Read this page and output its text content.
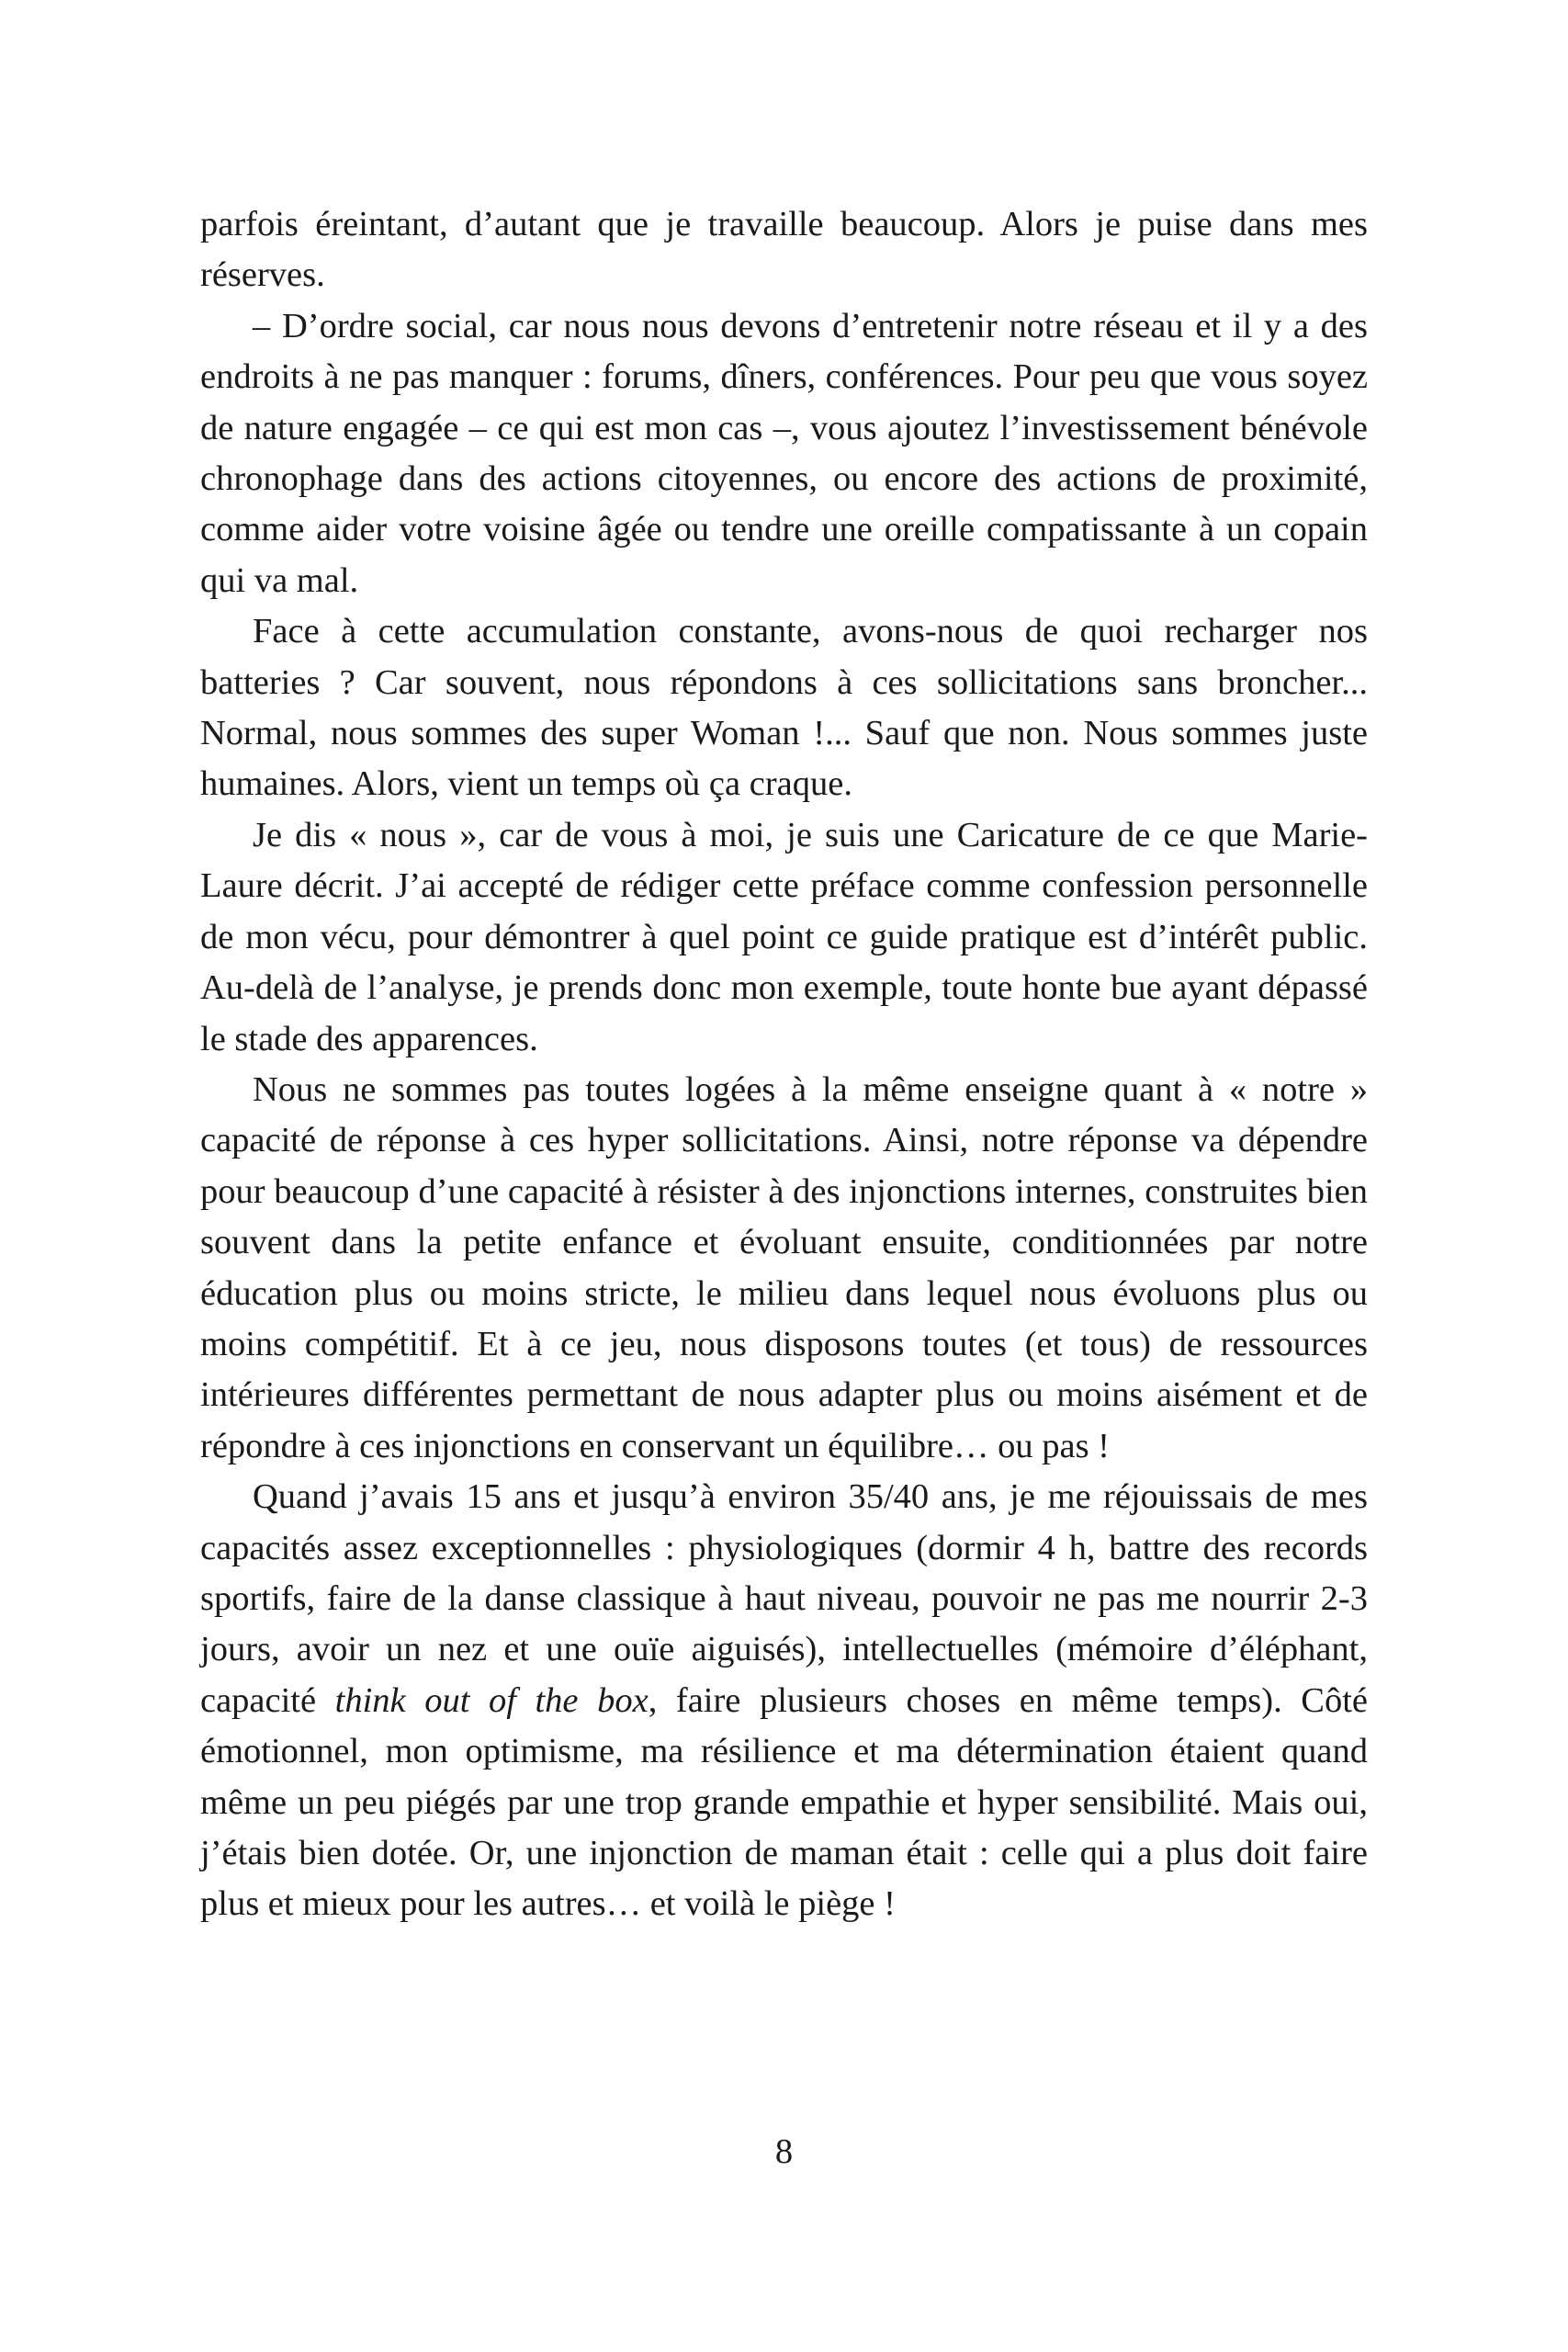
parfois éreintant, d’autant que je travaille beaucoup. Alors je puise dans mes réserves.

– D’ordre social, car nous nous devons d’entretenir notre réseau et il y a des endroits à ne pas manquer : forums, dîners, conférences. Pour peu que vous soyez de nature engagée – ce qui est mon cas –, vous ajoutez l’investissement bénévole chronophage dans des actions citoyennes, ou encore des actions de proximité, comme aider votre voisine âgée ou tendre une oreille compatissante à un copain qui va mal.

Face à cette accumulation constante, avons-nous de quoi recharger nos batteries ? Car souvent, nous répondons à ces sollicitations sans broncher... Normal, nous sommes des super Woman !... Sauf que non. Nous sommes juste humaines. Alors, vient un temps où ça craque.

Je dis « nous », car de vous à moi, je suis une Caricature de ce que Marie-Laure décrit. J’ai accepté de rédiger cette préface comme confession personnelle de mon vécu, pour démontrer à quel point ce guide pratique est d’intérêt public. Au-delà de l’analyse, je prends donc mon exemple, toute honte bue ayant dépassé le stade des apparences.

Nous ne sommes pas toutes logées à la même enseigne quant à « notre » capacité de réponse à ces hyper sollicitations. Ainsi, notre réponse va dépendre pour beaucoup d’une capacité à résister à des injonctions internes, construites bien souvent dans la petite enfance et évoluant ensuite, conditionnées par notre éducation plus ou moins stricte, le milieu dans lequel nous évoluons plus ou moins compétitif. Et à ce jeu, nous disposons toutes (et tous) de ressources intérieures différentes permettant de nous adapter plus ou moins aisément et de répondre à ces injonctions en conservant un équilibre… ou pas !

Quand j’avais 15 ans et jusqu’à environ 35/40 ans, je me réjouissais de mes capacités assez exceptionnelles : physiologiques (dormir 4 h, battre des records sportifs, faire de la danse classique à haut niveau, pouvoir ne pas me nourrir 2-3 jours, avoir un nez et une ouïe aiguisés), intellectuelles (mémoire d’éléphant, capacité think out of the box, faire plusieurs choses en même temps). Côté émotionnel, mon optimisme, ma résilience et ma détermination étaient quand même un peu piégés par une trop grande empathie et hyper sensibilité. Mais oui, j’étais bien dotée. Or, une injonction de maman était : celle qui a plus doit faire plus et mieux pour les autres… et voilà le piège !

8
